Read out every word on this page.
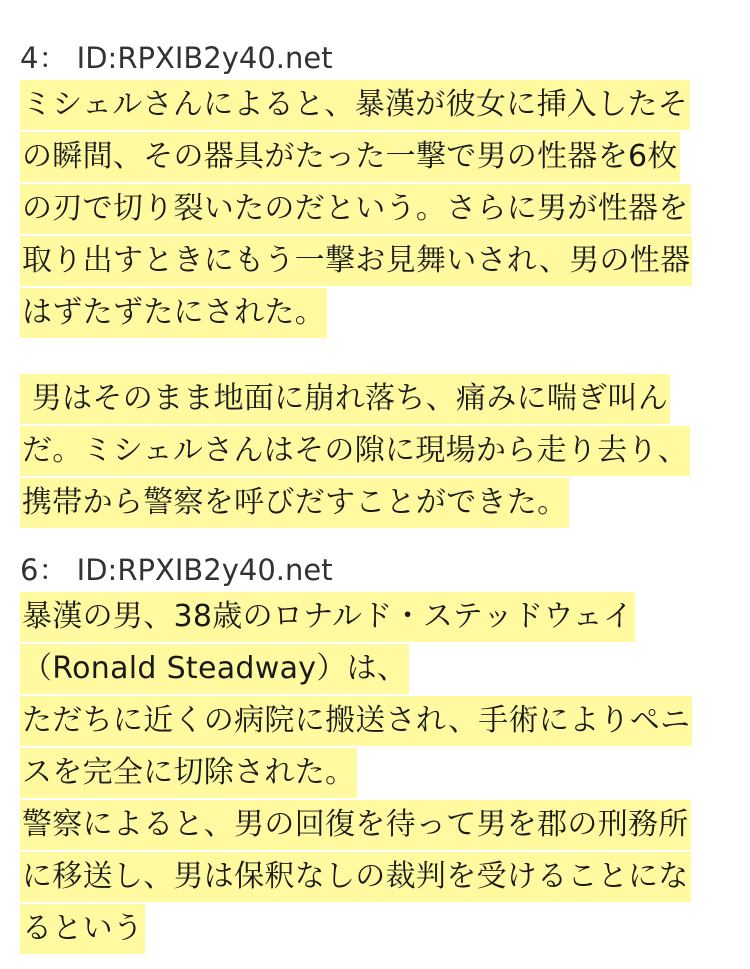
4： ID:RPXIB2y40.net
ミシェルさんによると、暴漢が彼女に挿入したそ
の瞬間、その器具がたった一撃で男の性器を6枚
の刃で切り裂いたのだという。さらに男が性器を
取り出すときにもう一撃お見舞いされ、男の性器
はずたずたにされた。
男はそのまま地面に崩れ落ち、痛みに喘ぎ叫ん
だ。ミシェルさんはその隙に現場から走り去り、
携帯から警察を呼びだすことができた。
6： ID:RPXIB2y40.net
暴漢の男、38歳のロナルド・ステッドウェイ
（Ronald Steadway）は、
ただちに近くの病院に搬送され、手術によりペニ
スを完全に切除された。
警察によると、男の回復を待って男を郡の刑務所
に移送し、男は保釈なしの裁判を受けることにな
るという
